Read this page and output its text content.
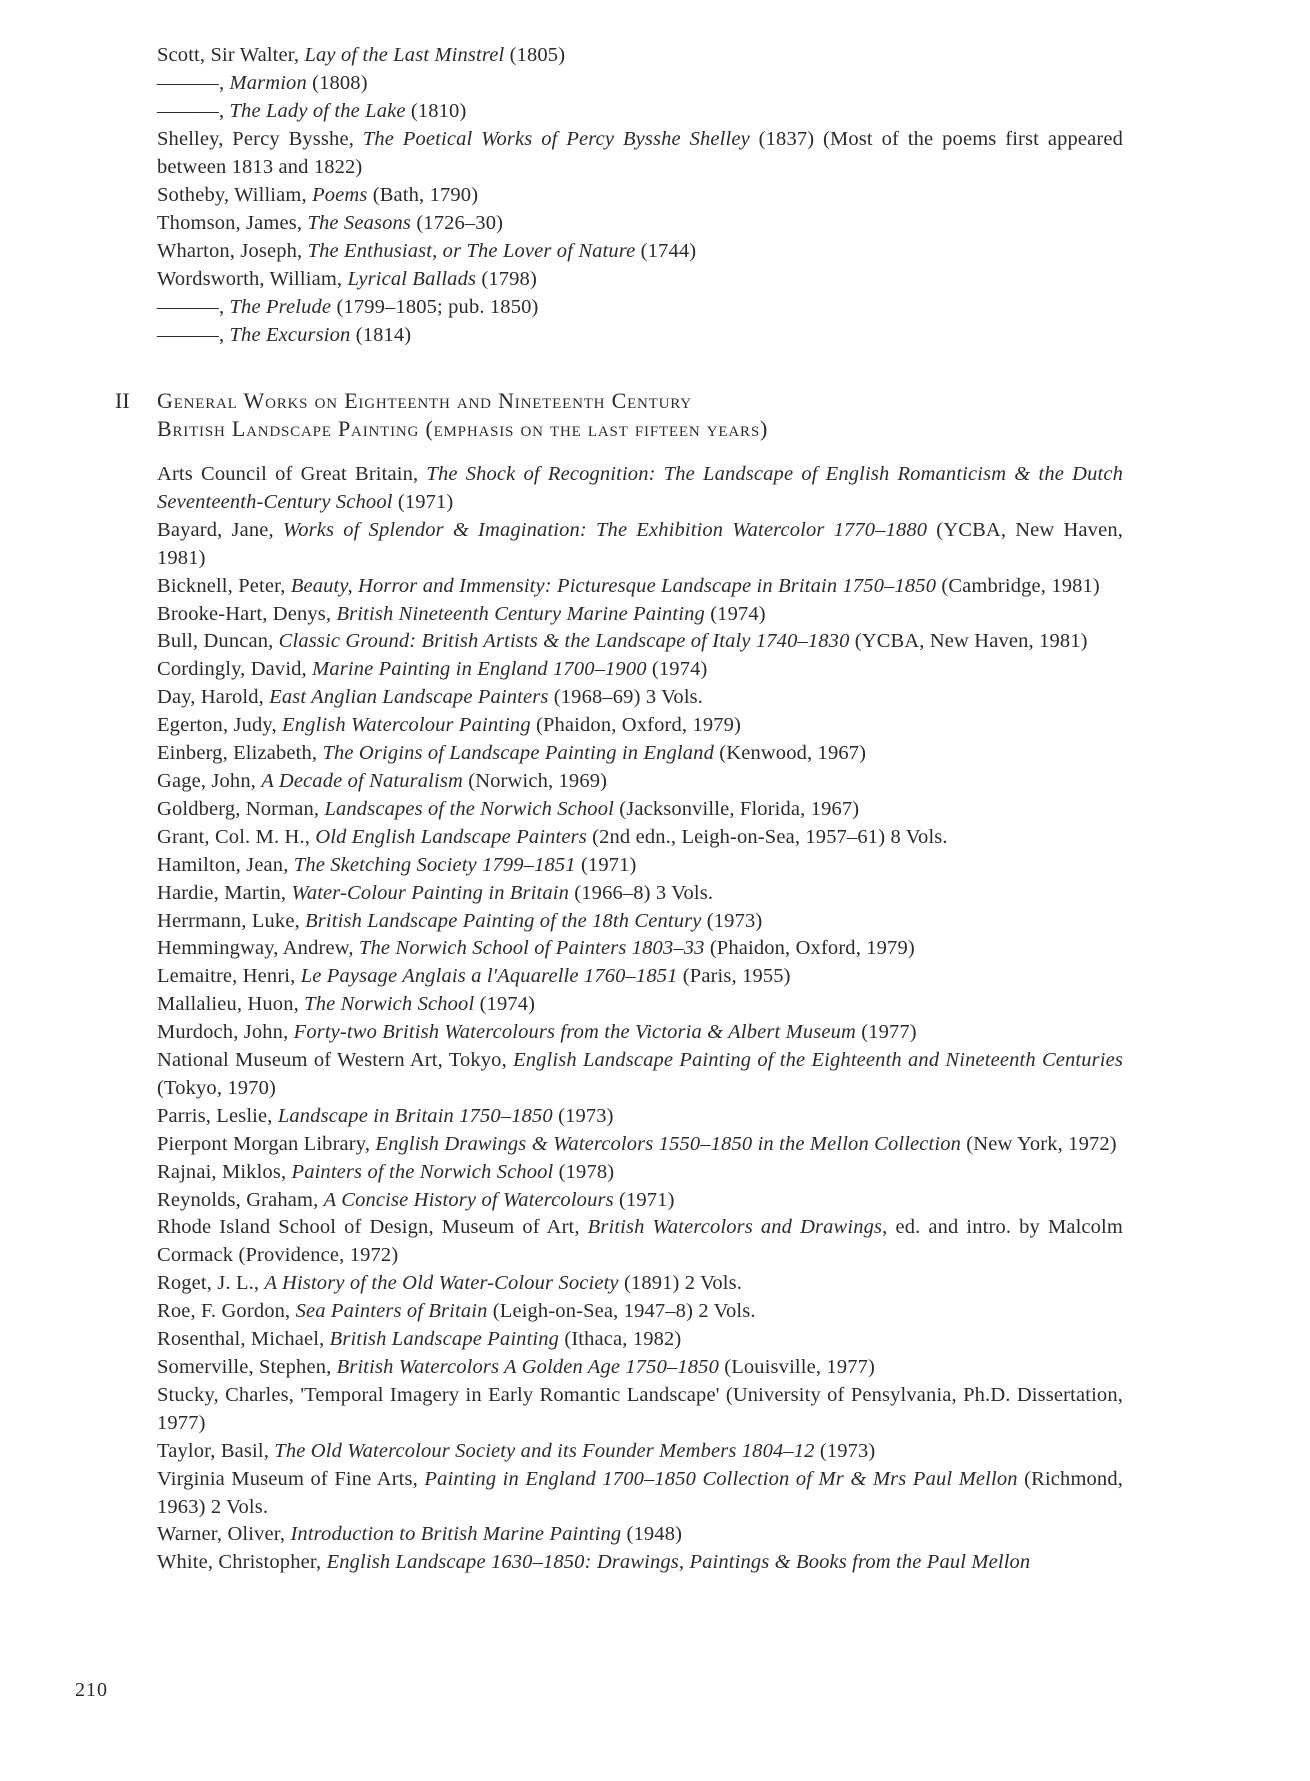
Scott, Sir Walter, Lay of the Last Minstrel (1805)
———, Marmion (1808)
———, The Lady of the Lake (1810)
Shelley, Percy Bysshe, The Poetical Works of Percy Bysshe Shelley (1837) (Most of the poems first appeared between 1813 and 1822)
Sotheby, William, Poems (Bath, 1790)
Thomson, James, The Seasons (1726–30)
Wharton, Joseph, The Enthusiast, or The Lover of Nature (1744)
Wordsworth, William, Lyrical Ballads (1798)
———, The Prelude (1799–1805; pub. 1850)
———, The Excursion (1814)
II General Works on Eighteenth and Nineteenth Century
British Landscape Painting (emphasis on the last fifteen years)
Arts Council of Great Britain, The Shock of Recognition: The Landscape of English Romanticism & the Dutch Seventeenth-Century School (1971)
Bayard, Jane, Works of Splendor & Imagination: The Exhibition Watercolor 1770–1880 (YCBA, New Haven, 1981)
Bicknell, Peter, Beauty, Horror and Immensity: Picturesque Landscape in Britain 1750–1850 (Cambridge, 1981)
Brooke-Hart, Denys, British Nineteenth Century Marine Painting (1974)
Bull, Duncan, Classic Ground: British Artists & the Landscape of Italy 1740–1830 (YCBA, New Haven, 1981)
Cordingly, David, Marine Painting in England 1700–1900 (1974)
Day, Harold, East Anglian Landscape Painters (1968–69) 3 Vols.
Egerton, Judy, English Watercolour Painting (Phaidon, Oxford, 1979)
Einberg, Elizabeth, The Origins of Landscape Painting in England (Kenwood, 1967)
Gage, John, A Decade of Naturalism (Norwich, 1969)
Goldberg, Norman, Landscapes of the Norwich School (Jacksonville, Florida, 1967)
Grant, Col. M. H., Old English Landscape Painters (2nd edn., Leigh-on-Sea, 1957–61) 8 Vols.
Hamilton, Jean, The Sketching Society 1799–1851 (1971)
Hardie, Martin, Water-Colour Painting in Britain (1966–8) 3 Vols.
Herrmann, Luke, British Landscape Painting of the 18th Century (1973)
Hemmingway, Andrew, The Norwich School of Painters 1803–33 (Phaidon, Oxford, 1979)
Lemaitre, Henri, Le Paysage Anglais a l'Aquarelle 1760–1851 (Paris, 1955)
Mallalieu, Huon, The Norwich School (1974)
Murdoch, John, Forty-two British Watercolours from the Victoria & Albert Museum (1977)
National Museum of Western Art, Tokyo, English Landscape Painting of the Eighteenth and Nineteenth Centuries (Tokyo, 1970)
Parris, Leslie, Landscape in Britain 1750–1850 (1973)
Pierpont Morgan Library, English Drawings & Watercolors 1550–1850 in the Mellon Collection (New York, 1972)
Rajnai, Miklos, Painters of the Norwich School (1978)
Reynolds, Graham, A Concise History of Watercolours (1971)
Rhode Island School of Design, Museum of Art, British Watercolors and Drawings, ed. and intro. by Malcolm Cormack (Providence, 1972)
Roget, J. L., A History of the Old Water-Colour Society (1891) 2 Vols.
Roe, F. Gordon, Sea Painters of Britain (Leigh-on-Sea, 1947–8) 2 Vols.
Rosenthal, Michael, British Landscape Painting (Ithaca, 1982)
Somerville, Stephen, British Watercolors A Golden Age 1750–1850 (Louisville, 1977)
Stucky, Charles, 'Temporal Imagery in Early Romantic Landscape' (University of Pensylvania, Ph.D. Dissertation, 1977)
Taylor, Basil, The Old Watercolour Society and its Founder Members 1804–12 (1973)
Virginia Museum of Fine Arts, Painting in England 1700–1850 Collection of Mr & Mrs Paul Mellon (Richmond, 1963) 2 Vols.
Warner, Oliver, Introduction to British Marine Painting (1948)
White, Christopher, English Landscape 1630–1850: Drawings, Paintings & Books from the Paul Mellon
210
